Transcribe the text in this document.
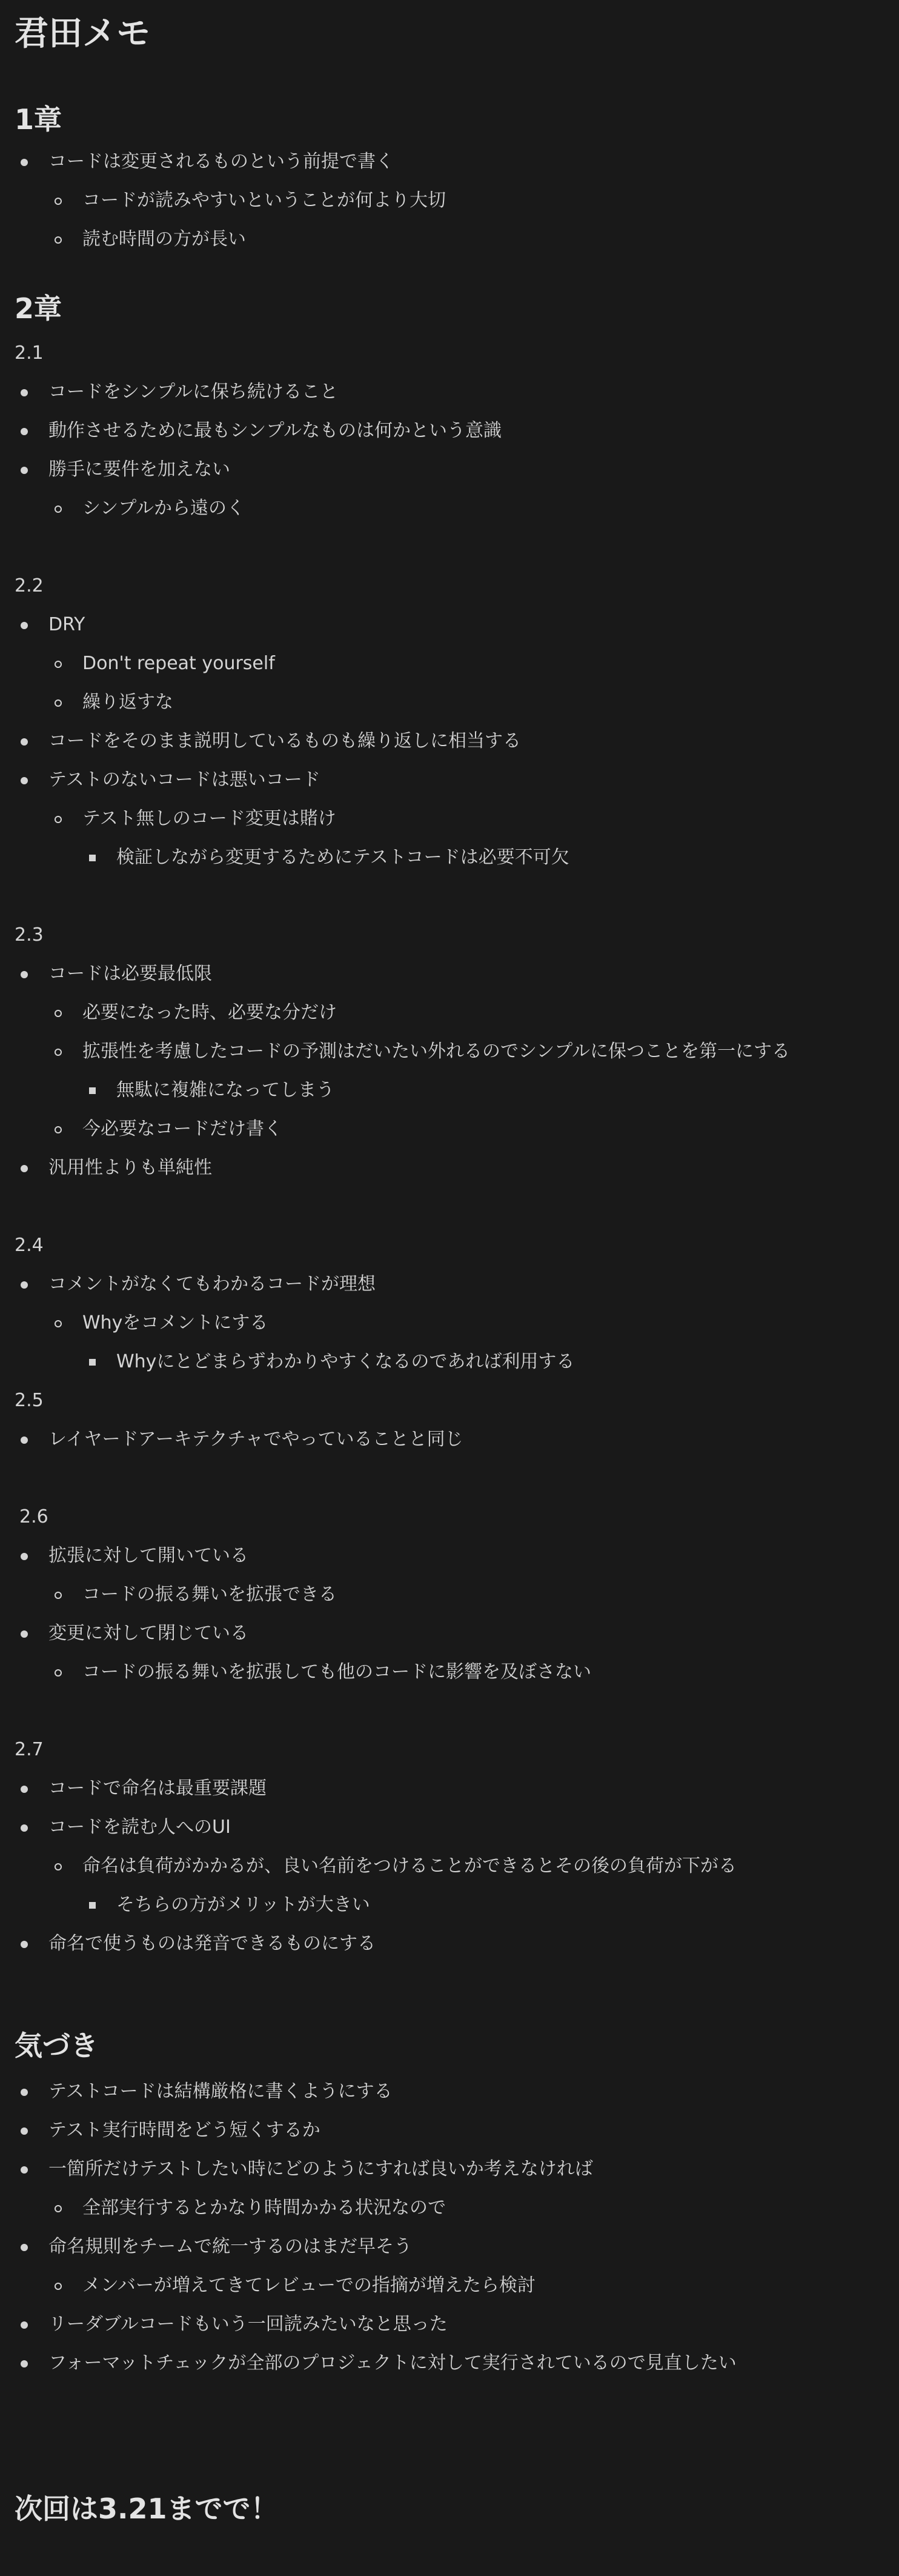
君田メモ
1章
コードは変更されるものという前提で書く
コードが読みやすいということが何より大切
読む時間の方が長い
2章
2.1
コードをシンプルに保ち続けること
動作させるために最もシンプルなものは何かという意識
勝手に要件を加えない
シンプルから遠のく
2.2
DRY
Don't repeat yourself
繰り返すな
コードをそのまま説明しているものも繰り返しに相当する
テストのないコードは悪いコード
テスト無しのコード変更は賭け
検証しながら変更するためにテストコードは必要不可欠
2.3
コードは必要最低限
必要になった時、必要な分だけ
拡張性を考慮したコードの予測はだいたい外れるのでシンプルに保つことを第一にする
無駄に複雑になってしまう
今必要なコードだけ書く
汎用性よりも単純性
2.4
コメントがなくてもわかるコードが理想
Whyをコメントにする
Whyにとどまらずわかりやすくなるのであれば利用する
2.5
レイヤードアーキテクチャでやっていることと同じ
2.6
拡張に対して開いている
コードの振る舞いを拡張できる
変更に対して閉じている
コードの振る舞いを拡張しても他のコードに影響を及ぼさない
2.7
コードで命名は最重要課題
コードを読む人へのUI
命名は負荷がかかるが、良い名前をつけることができるとその後の負荷が下がる
そちらの方がメリットが大きい
命名で使うものは発音できるものにする
気づき
テストコードは結構厳格に書くようにする
テスト実行時間をどう短くするか
一箇所だけテストしたい時にどのようにすれば良いか考えなければ
全部実行するとかなり時間かかる状況なので
命名規則をチームで統一するのはまだ早そう
メンバーが増えてきてレビューでの指摘が増えたら検討
リーダブルコードもいう一回読みたいなと思った
フォーマットチェックが全部のプロジェクトに対して実行されているので見直したい
次回は3.21までで！
